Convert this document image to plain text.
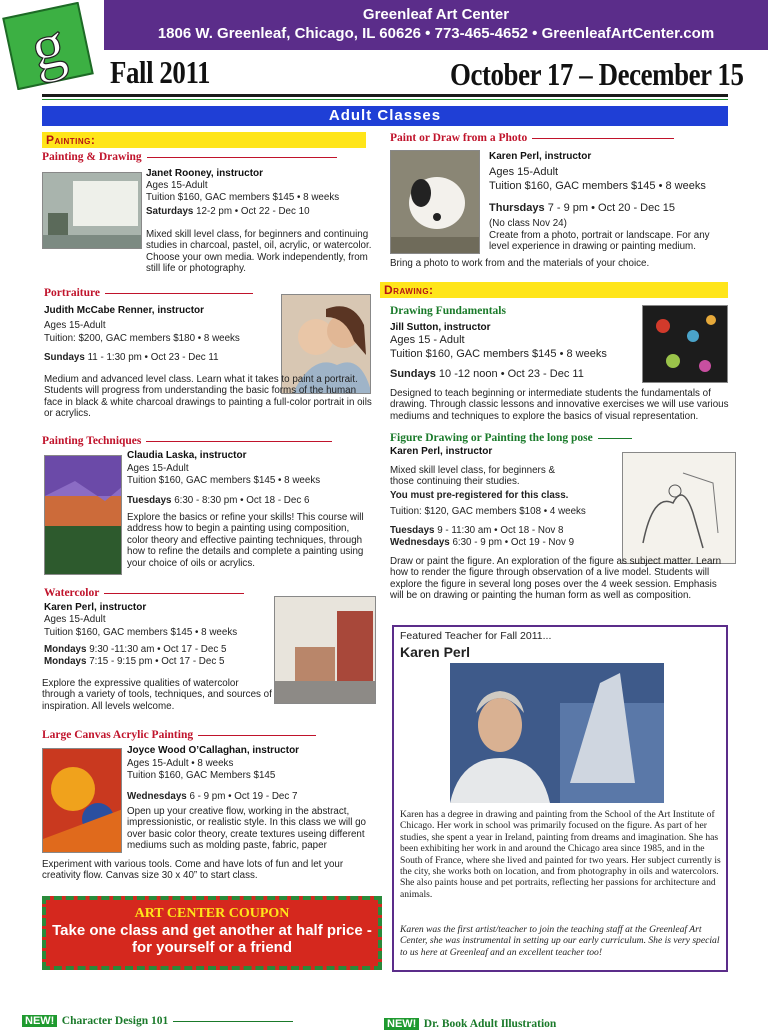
g	Greenleaf Art Center
1806 W. Greenleaf, Chicago, IL 60626 • 773-465-4652 • GreenleafArtCenter.com
Fall 2011	October 17 – December 15
Adult Classes
Painting:
Painting & Drawing
Janet Rooney, instructor
Ages 15-Adult
Tuition $160, GAC members $145 • 8 weeks
Saturdays 12-2 pm • Oct 22 - Dec 10
Mixed skill level class, for beginners and continuing studies in charcoal, pastel, oil, acrylic, or watercolor. Choose your own media. Work independently, from still life or photography.
Portraiture
Judith McCabe Renner, instructor
Ages 15-Adult
Tuition: $200, GAC members $180 • 8 weeks
Sundays 11 - 1:30 pm • Oct 23 - Dec 11
Medium and advanced level class. Learn what it takes to paint a portrait. Students will progress from understanding the basic forms of the human face in black & white charcoal drawings to painting a full-color portrait in oils or acrylics.
Painting Techniques
Claudia Laska, instructor
Ages 15-Adult
Tuition $160, GAC members $145 • 8 weeks
Tuesdays 6:30 - 8:30 pm • Oct 18 - Dec 6
Explore the basics or refine your skills! This course will address how to begin a painting using composition, color theory and effective painting techniques, through how to refine the details and complete a painting using your choice of oils or acrylics.
Watercolor
Karen Perl, instructor
Ages 15-Adult
Tuition $160, GAC members $145 • 8 weeks
Mondays 9:30 -11:30 am • Oct 17 - Dec 5
Mondays 7:15 - 9:15 pm • Oct 17 - Dec 5
Explore the expressive qualities of watercolor through a variety of tools, techniques, and sources of inspiration. All levels welcome.
Large Canvas Acrylic Painting
Joyce Wood O’Callaghan, instructor
Ages 15-Adult • 8 weeks
Tuition $160, GAC Members $145
Wednesdays 6 - 9 pm • Oct 19 - Dec 7
Open up your creative flow, working in the abstract, impressionistic, or realistic style. In this class we will go over basic color theory, create textures useing different mediums such as molding paste, fabric, paper
Experiment with various tools. Come and have lots of fun and let your creativity flow. Canvas size 30 x 40” to start class.
ART CENTER COUPON
Take one class and get another at half price - for yourself or a friend
Paint or Draw from a Photo
Karen Perl, instructor
Ages 15-Adult
Tuition $160, GAC members $145 • 8 weeks
Thursdays 7 - 9 pm • Oct 20 - Dec 15
(No class Nov 24)
Create from a photo, portrait or landscape. For any level experience in drawing or painting medium.
Bring a photo to work from and the materials of your choice.
Drawing:
Drawing Fundamentals
Jill Sutton, instructor
Ages 15 - Adult
Tuition $160, GAC members $145 • 8 weeks
Sundays 10 -12 noon • Oct 23 - Dec 11
Designed to teach beginning or intermediate students the fundamentals of drawing. Through classic lessons and innovative exercises we will use various mediums and techniques to explore the basics of visual representation.
Figure Drawing or Painting the long pose
Karen Perl, instructor
Mixed skill level class, for beginners & those continuing their studies.
You must pre-registered for this class.
Tuition: $120, GAC members $108 • 4 weeks
Tuesdays 9 - 11:30 am • Oct 18 - Nov 8
Wednesdays 6:30 - 9 pm • Oct 19 - Nov 9
Draw or paint the figure. An exploration of the figure as subject matter. Learn how to render the figure through observation of a live model. Students will explore the figure in several long poses over the 4 week session. Emphasis will be on drawing or painting the human form as well as composition.
Featured Teacher for Fall 2011...
Karen Perl
Karen has a degree in drawing and painting from the School of the Art Institute of Chicago. Her work in school was primarily focused on the figure. As part of her studies, she spent a year in Ireland, painting from dreams and imagination. She has been exhibiting her work in and around the Chicago area since 1985, and in the South of France, where she lived and painted for two years. Her subject currently is the city, she works both on location, and from photography in oils and watercolors. She also paints house and pet portraits, reflecting her passions for architecture and animals.
Karen was the first artist/teacher to join the teaching staff at the Greenleaf Art Center, she was instrumental in setting up our early curriculum. She is very special to us here at Greenleaf and an excellent teacher too!
NEW! Character Design 101	NEW! Dr. Book Adult Illustration
